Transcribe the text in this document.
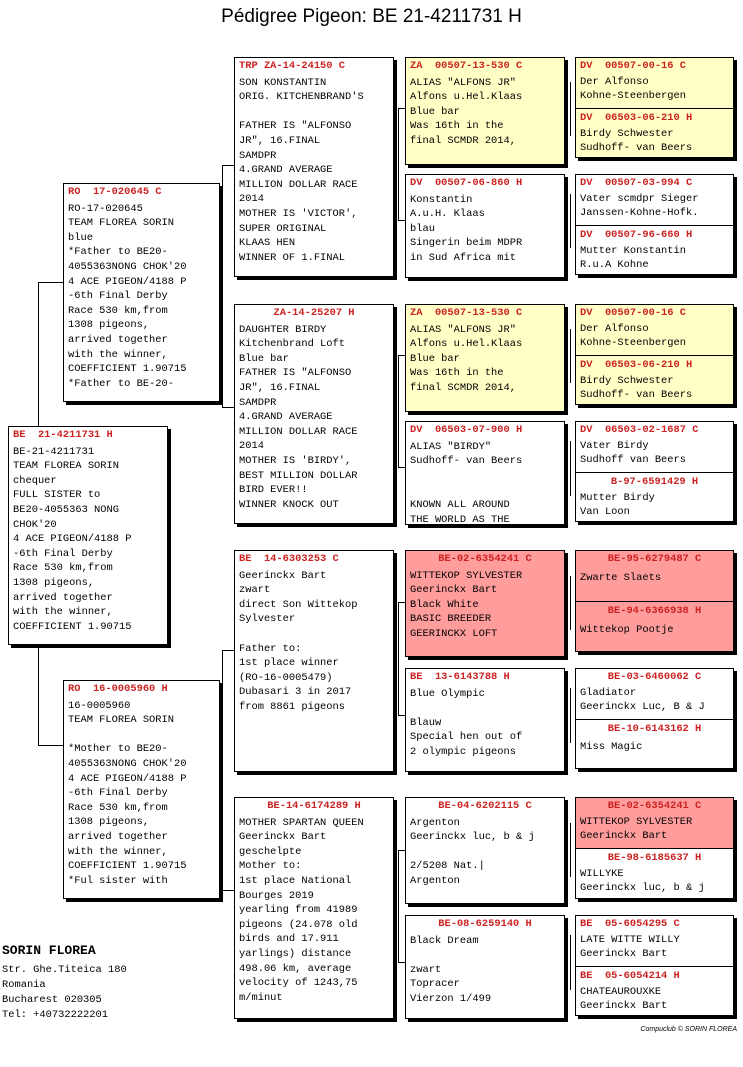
Pédigree Pigeon: BE 21-4211731 H
BE  21-4211731 H
BE-21-4211731
TEAM FLOREA SORIN
chequer
FULL SISTER to
BE20-4055363 NONG
CHOK'20
4 ACE PIGEON/4188 P
-6th Final Derby
Race 530 km,from
1308 pigeons,
arrived together
with the winner,
COEFFICIENT 1.90715
RO  17-020645 C
RO-17-020645
TEAM FLOREA SORIN
blue
*Father to BE20-
4055363NONG CHOK'20
4 ACE PIGEON/4188 P
-6th Final Derby
Race 530 km,from
1308 pigeons,
arrived together
with the winner,
COEFFICIENT 1.90715
*Father to BE-20-
RO  16-0005960 H
16-0005960
TEAM FLOREA SORIN
*Mother to BE20-
4055363NONG CHOK'20
4 ACE PIGEON/4188 P
-6th Final Derby
Race 530 km,from
1308 pigeons,
arrived together
with the winner,
COEFFICIENT 1.90715
*Ful sister with
TRP ZA-14-24150 C
SON KONSTANTIN
ORIG. KITCHENBRAND'S
FATHER IS "ALFONSO
JR", 16.FINAL
SAMDPR
4.GRAND AVERAGE
MILLION DOLLAR RACE
2014
MOTHER IS 'VICTOR',
SUPER ORIGINAL
KLAAS HEN
WINNER OF 1.FINAL
ZA-14-25207 H
DAUGHTER BIRDY
Kitchenbrand Loft
Blue bar
FATHER IS "ALFONSO
JR", 16.FINAL
SAMDPR
4.GRAND AVERAGE
MILLION DOLLAR RACE
2014
MOTHER IS 'BIRDY',
BEST MILLION DOLLAR
BIRD EVER!!
WINNER KNOCK OUT
BE  14-6303253 C
Geerinckx Bart
zwart
direct Son Wittekop
Sylvester
Father to:
1st place winner
(RO-16-0005479)
Dubasari 3 in 2017
from 8861 pigeons
BE-14-6174289 H
MOTHER SPARTAN QUEEN
Geerinckx Bart
geschelpte
Mother to:
1st place National
Bourges 2019
yearling from 41989
pigeons (24.078 old
birds and 17.911
yarlings) distance
498.06 km, average
velocity of 1243,75
m/minut
ZA  00507-13-530 C
ALIAS "ALFONS JR"
Alfons u.Hel.Klaas
Blue bar
Was 16th in the
final SCMDR 2014,
DV  00507-06-860 H
Konstantin
A.u.H. Klaas
blau
Singerin beim MDPR
in Sud Africa mit
ZA  00507-13-530 C
ALIAS "ALFONS JR"
Alfons u.Hel.Klaas
Blue bar
Was 16th in the
final SCMDR 2014,
DV  06503-07-900 H
ALIAS "BIRDY"
Sudhoff- van Beers
KNOWN ALL AROUND
THE WORLD AS THE
BE-02-6354241 C
WITTEKOP SYLVESTER
Geerinckx Bart
Black White
BASIC BREEDER
GEERINCKX LOFT
BE  13-6143788 H
Blue Olympic
Blauw
Special hen out of
2 olympic pigeons
BE-04-6202115 C
Argenton
Geerinckx luc, b & j
2/5208 Nat.|
Argenton
BE-08-6259140 H
Black Dream
zwart
Topracer
Vierzon 1/499
DV  00507-00-16 C
Der Alfonso
Kohne-Steenbergen
DV  06503-06-210 H
Birdy Schwester
Sudhoff- van Beers
DV  00507-03-994 C
Vater scmdpr Sieger
Janssen-Kohne-Hofk.
DV  00507-96-660 H
Mutter Konstantin
R.u.A Kohne
DV  00507-00-16 C
Der Alfonso
Kohne-Steenbergen
DV  06503-06-210 H
Birdy Schwester
Sudhoff- van Beers
DV  06503-02-1687 C
Vater Birdy
Sudhoff van Beers
B-97-6591429 H
Mutter Birdy
Van Loon
BE-95-6279487 C
Zwarte Slaets
BE-94-6366938 H
Wittekop Pootje
BE-03-6460062 C
Gladiator
Geerinckx Luc, B & J
BE-10-6143162 H
Miss Magic
BE-02-6354241 C
WITTEKOP SYLVESTER
Geerinckx Bart
BE-98-6185637 H
WILLYKE
Geerinckx luc, b & j
BE  05-6054295 C
LATE WITTE WILLY
Geerinckx Bart
BE  05-6054214 H
CHATEAUROUXKE
Geerinckx Bart
SORIN FLOREA
Str. Ghe.Titeica 180
Romania
Bucharest 020305
Tel: +40732222201
Compuclub © SORIN FLOREA
